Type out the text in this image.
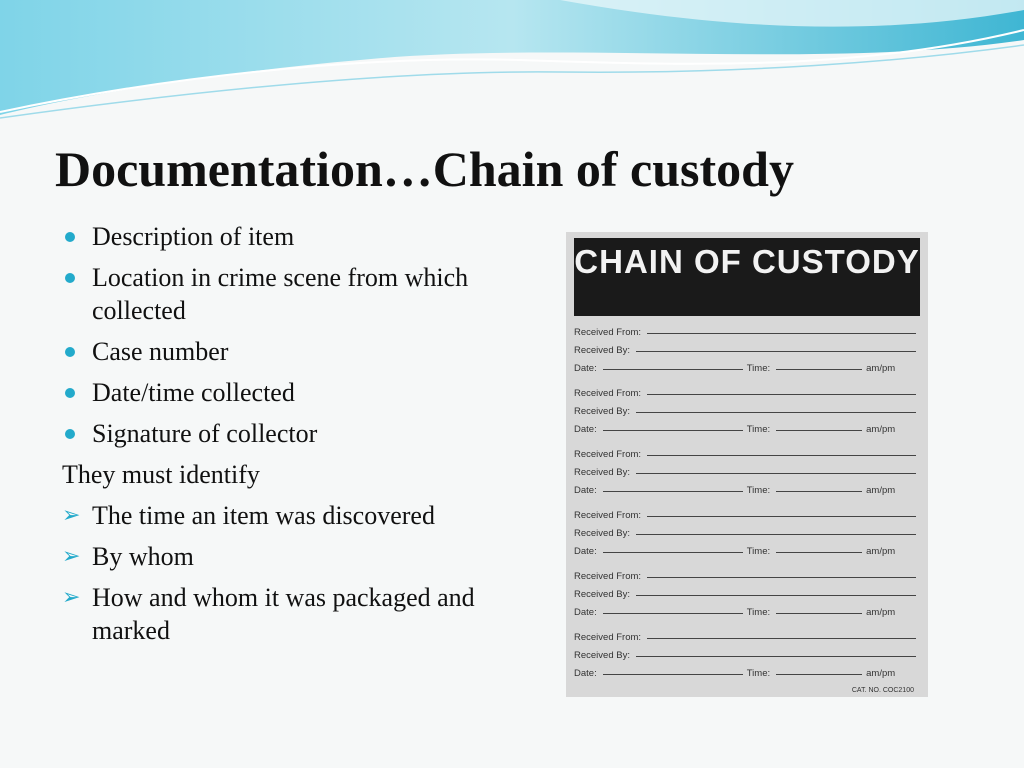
Documentation…Chain of custody
Description of item
Location in crime scene from which collected
Case number
Date/time collected
Signature of collector

They must identify

➢ The time an item was discovered
➢ By whom
➢ How and whom it was packaged and marked
CHAIN OF CUSTODY
Received From:
Received By:
Date:	Time:	am/pm
Received From:
Received By:
Date:	Time:	am/pm
Received From:
Received By:
Date:	Time:	am/pm
Received From:
Received By:
Date:	Time:	am/pm
Received From:
Received By:
Date:	Time:	am/pm
Received From:
Received By:
Date:	Time:	am/pm
CAT. NO. COC2100
